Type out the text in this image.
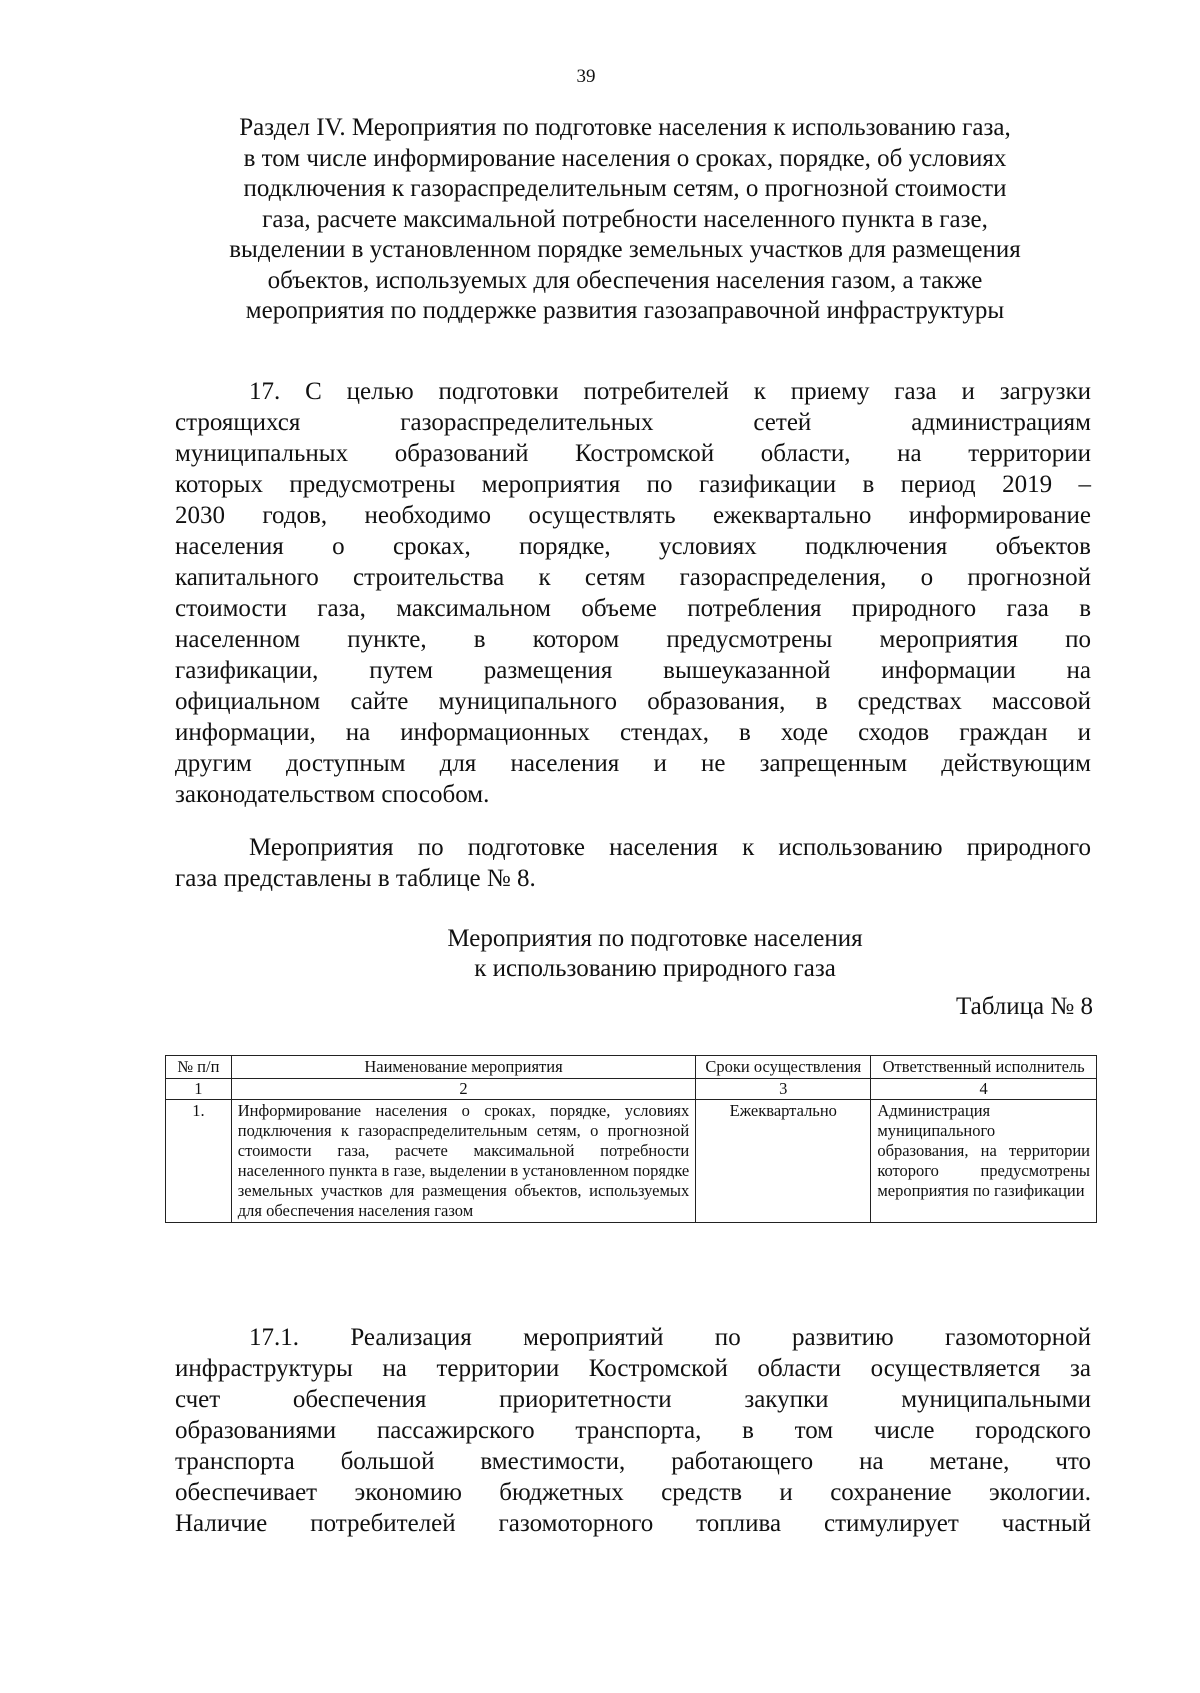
39
Раздел IV. Мероприятия по подготовке населения к использованию газа,
в том числе информирование населения о сроках, порядке, об условиях
подключения к газораспределительным сетям, о прогнозной стоимости
газа, расчете максимальной потребности населенного пункта в газе,
выделении в установленном порядке земельных участков для размещения
объектов, используемых для обеспечения населения газом, а также
мероприятия по поддержке развития газозаправочной инфраструктуры
17. С целью подготовки потребителей к приему газа и загрузки
строящихся газораспределительных сетей администрациям
муниципальных образований Костромской области, на территории
которых предусмотрены мероприятия по газификации в период 2019 –
2030 годов, необходимо осуществлять ежеквартально информирование
населения о сроках, порядке, условиях подключения объектов
капитального строительства к сетям газораспределения, о прогнозной
стоимости газа, максимальном объеме потребления природного газа в
населенном пункте, в котором предусмотрены мероприятия по
газификации, путем размещения вышеуказанной информации на
официальном сайте муниципального образования, в средствах массовой
информации, на информационных стендах, в ходе сходов граждан и
другим доступным для населения и не запрещенным действующим
законодательством способом.
Мероприятия по подготовке населения к использованию природного
газа представлены в таблице № 8.
Мероприятия по подготовке населения
к использованию природного газа
Таблица № 8
№ п/п	Наименование мероприятия	Сроки осуществления	Ответственный исполнитель
1	2	3	4
1.	Информирование населения о сроках, порядке, условиях подключения к газораспределительным сетям, о прогнозной стоимости газа, расчете максимальной потребности населенного пункта в газе, выделении в установленном порядке земельных участков для размещения объектов, используемых для обеспечения населения газом	Ежеквартально	Администрация муниципального образования, на территории которого предусмотрены мероприятия по газификации
17.1. Реализация мероприятий по развитию газомоторной
инфраструктуры на территории Костромской области осуществляется за
счет обеспечения приоритетности закупки муниципальными
образованиями пассажирского транспорта, в том числе городского
транспорта большой вместимости, работающего на метане, что
обеспечивает экономию бюджетных средств и сохранение экологии.
Наличие потребителей газомоторного топлива стимулирует частный
